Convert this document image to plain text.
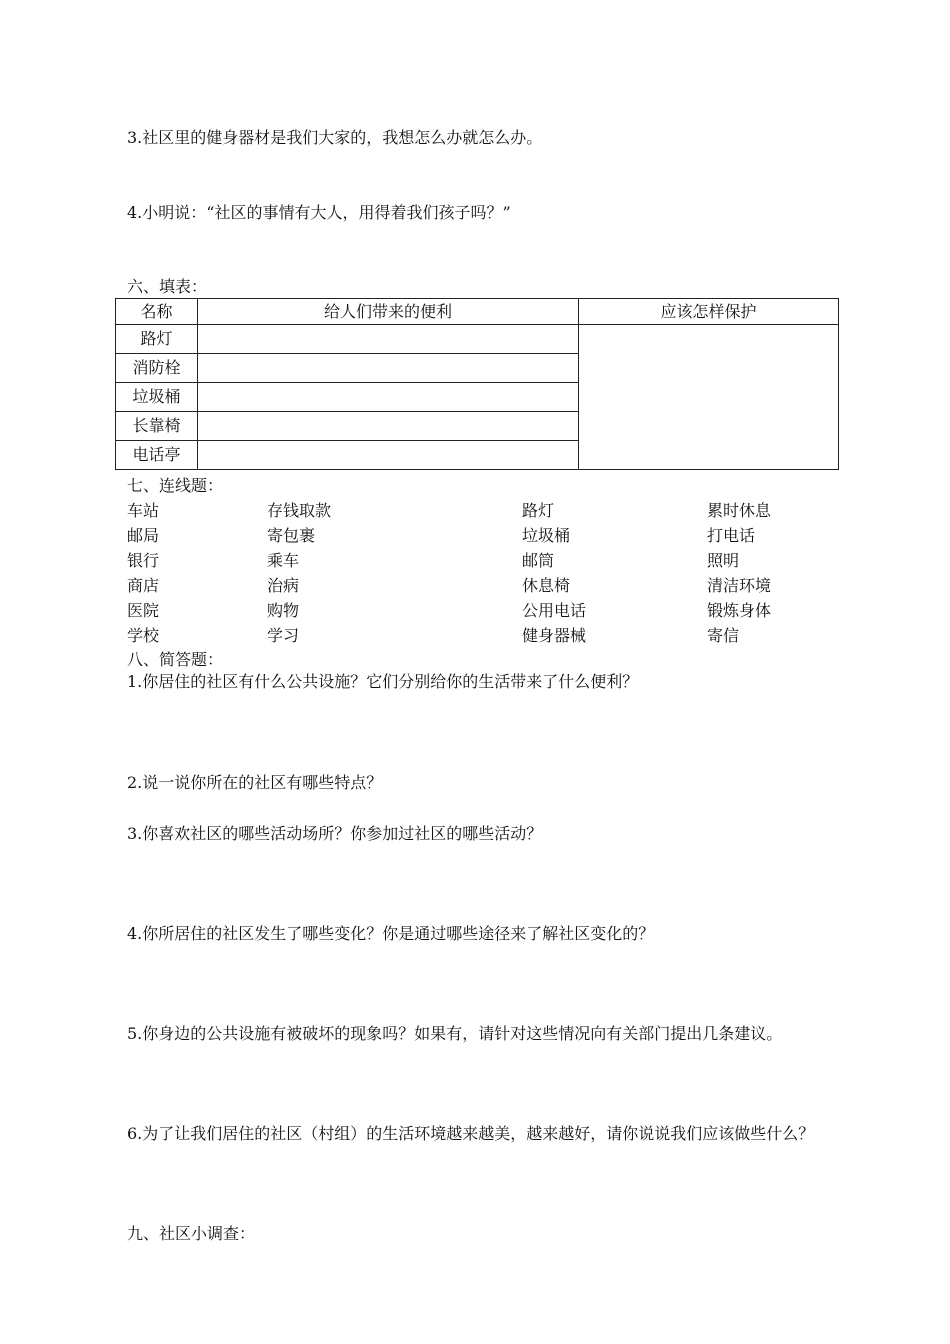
3.社区里的健身器材是我们大家的，我想怎么办就怎么办。
4.小明说：“社区的事情有大人，用得着我们孩子吗？”
六、填表：
名称	给人们带来的便利	应该怎样保护
路灯		
消防栓		
垃圾桶		
长靠椅		
电话亭		
七、连线题：
车站	存钱取款	路灯	累时休息
邮局	寄包裹	垃圾桶	打电话
银行	乘车	邮筒	照明
商店	治病	休息椅	清洁环境
医院	购物	公用电话	锻炼身体
学校	学习	健身器械	寄信
八、简答题：
1.你居住的社区有什么公共设施？它们分别给你的生活带来了什么便利？
2.说一说你所在的社区有哪些特点？
3.你喜欢社区的哪些活动场所？你参加过社区的哪些活动？
4.你所居住的社区发生了哪些变化？你是通过哪些途径来了解社区变化的？
5.你身边的公共设施有被破坏的现象吗？如果有，请针对这些情况向有关部门提出几条建议。
6.为了让我们居住的社区（村组）的生活环境越来越美，越来越好，请你说说我们应该做些什么？
九、社区小调查：
